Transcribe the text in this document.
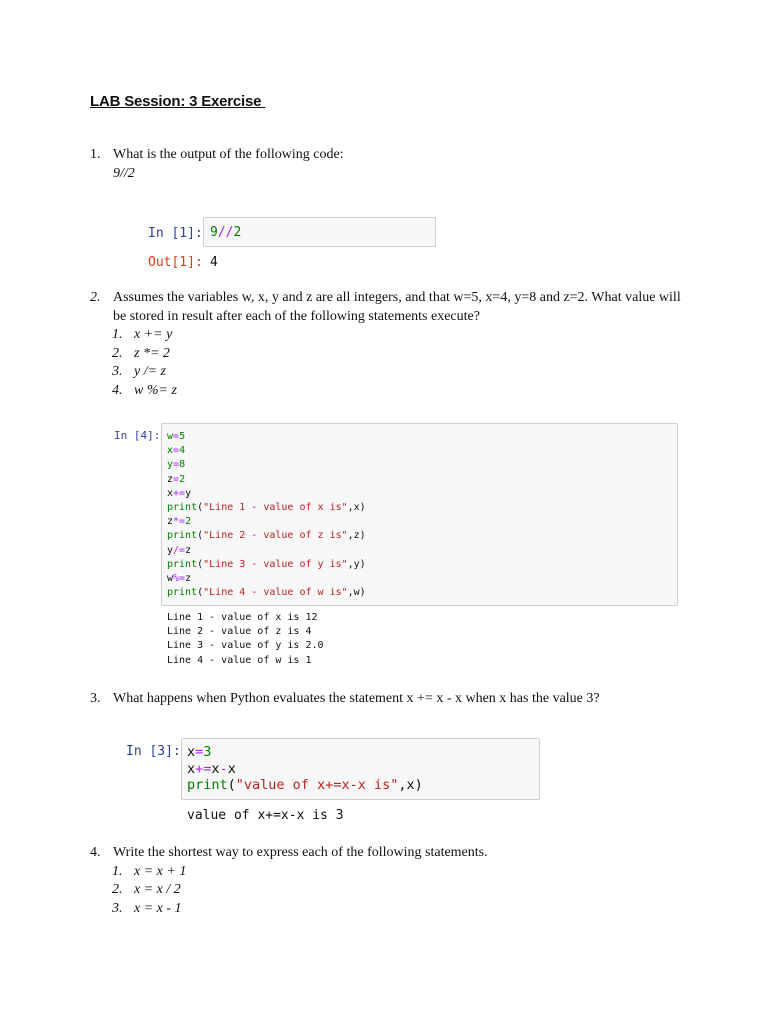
LAB Session: 3 Exercise
1. What is the output of the following code:
9//2
In [1]: 9//2
Out[1]: 4
2. Assumes the variables w, x, y and z are all integers, and that w=5, x=4, y=8 and z=2. What value will be stored in result after each of the following statements execute?
1. x += y
2. z *= 2
3. y /= z
4. w %= z
In [4]: w=5
x=4
y=8
z=2
x+=y
print("Line 1 - value of x is",x)
z*=2
print("Line 2 - value of z is",z)
y/=z
print("Line 3 - value of y is",y)
w%=z
print("Line 4 - value of w is",w)
Line 1 - value of x is 12
Line 2 - value of z is 4
Line 3 - value of y is 2.0
Line 4 - value of w is 1
3. What happens when Python evaluates the statement x += x - x when x has the value 3?
In [3]: x=3
x+=x-x
print("value of x+=x-x is",x)
value of x+=x-x is 3
4. Write the shortest way to express each of the following statements.
1. x = x + 1
2. x = x / 2
3. x = x - 1
